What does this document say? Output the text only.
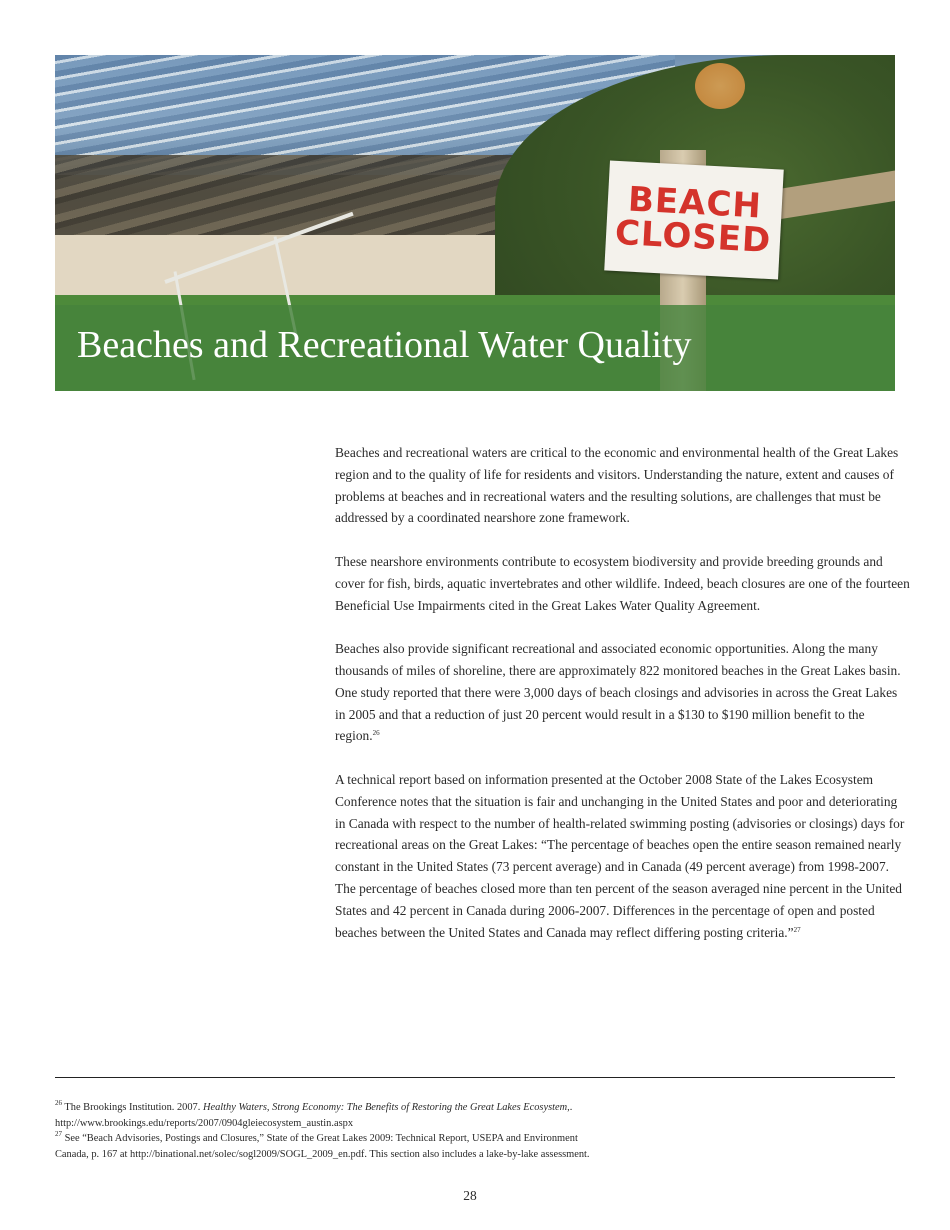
BEACH
CLOSED
Beaches and Recreational Water Quality

Beaches and recreational waters are critical to the economic and environmental health of the Great Lakes region and to the quality of life for residents and visitors. Understanding the nature, extent and causes of problems at beaches and in recreational waters and the resulting solutions, are challenges that must be addressed by a coordinated nearshore zone framework.

These nearshore environments contribute to ecosystem biodiversity and provide breeding grounds and cover for fish, birds, aquatic invertebrates and other wildlife. Indeed, beach closures are one of the fourteen Beneficial Use Impairments cited in the Great Lakes Water Quality Agreement.

Beaches also provide significant recreational and associated economic opportunities. Along the many thousands of miles of shoreline, there are approximately 822 monitored beaches in the Great Lakes basin. One study reported that there were 3,000 days of beach closings and advisories in across the Great Lakes in 2005 and that a reduction of just 20 percent would result in a $130 to $190 million benefit to the region.$^{26}$

A technical report based on information presented at the October 2008 State of the Lakes Ecosystem Conference notes that the situation is fair and unchanging in the United States and poor and deteriorating in Canada with respect to the number of health-related swimming posting (advisories or closings) days for recreational areas on the Great Lakes: “The percentage of beaches open the entire season remained nearly constant in the United States (73 percent average) and in Canada (49 percent average) from 1998-2007. The percentage of beaches closed more than ten percent of the season averaged nine percent in the United States and 42 percent in Canada during 2006-2007. Differences in the percentage of open and posted beaches between the United States and Canada may reflect differing posting criteria.”$^{27}$

$^{26}$ The Brookings Institution. 2007. Healthy Waters, Strong Economy: The Benefits of Restoring the Great Lakes Ecosystem,. http://www.brookings.edu/reports/2007/0904gleiecosystem_austin.aspx
$^{27}$ See “Beach Advisories, Postings and Closures,” State of the Great Lakes 2009: Technical Report, USEPA and Environment Canada, p. 167 at http://binational.net/solec/sogl2009/SOGL_2009_en.pdf. This section also includes a lake-by-lake assessment.
28
